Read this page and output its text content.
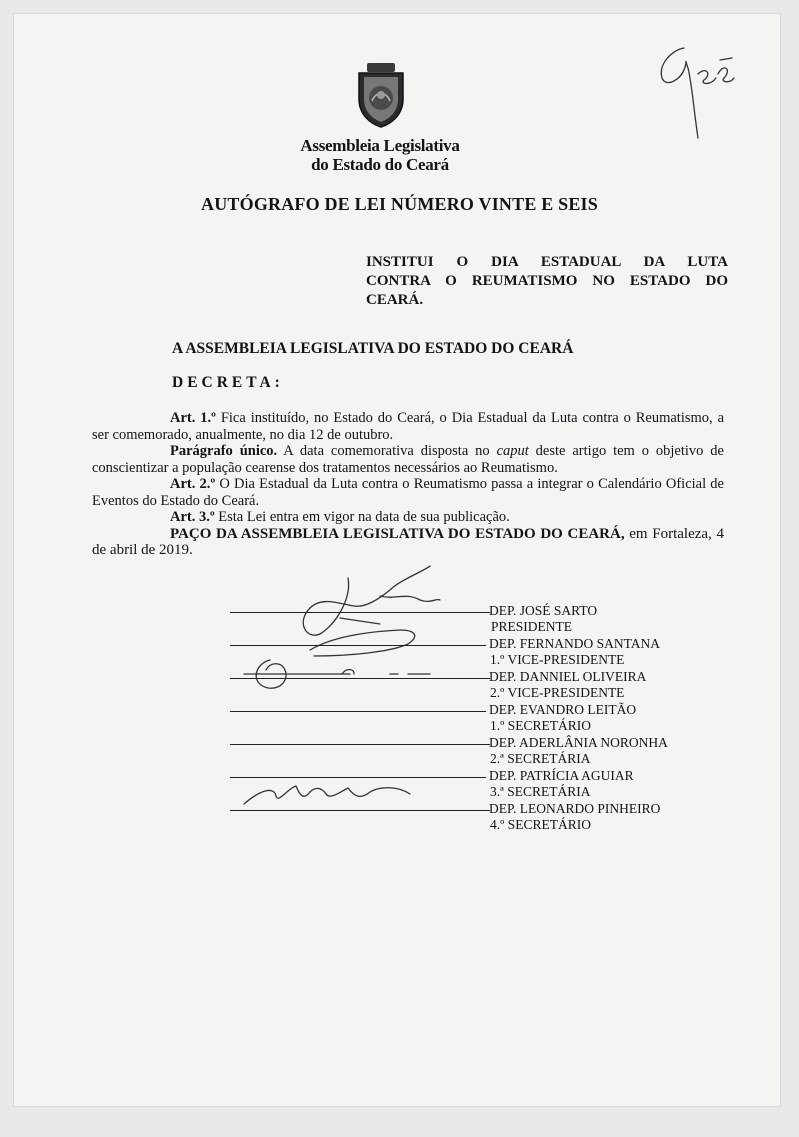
Assembleia Legislativa
do Estado do Ceará
AUTÓGRAFO DE LEI NÚMERO VINTE E SEIS
INSTITUI O DIA ESTADUAL DA LUTA CONTRA O REUMATISMO NO ESTADO DO CEARÁ.
A ASSEMBLEIA LEGISLATIVA DO ESTADO DO CEARÁ
DECRETA:

Art. 1.º Fica instituído, no Estado do Ceará, o Dia Estadual da Luta contra o Reumatismo, a ser comemorado, anualmente, no dia 12 de outubro.

Parágrafo único. A data comemorativa disposta no caput deste artigo tem o objetivo de conscientizar a população cearense dos tratamentos necessários ao Reumatismo.

Art. 2.º O Dia Estadual da Luta contra o Reumatismo passa a integrar o Calendário Oficial de Eventos do Estado do Ceará.

Art. 3.º Esta Lei entra em vigor na data de sua publicação.

PAÇO DA ASSEMBLEIA LEGISLATIVA DO ESTADO DO CEARÁ, em Fortaleza, 4 de abril de 2019.

DEP. JOSÉ SARTO
PRESIDENTE
DEP. FERNANDO SANTANA
1.º VICE-PRESIDENTE
DEP. DANNIEL OLIVEIRA
2.º VICE-PRESIDENTE
DEP. EVANDRO LEITÃO
1.º SECRETÁRIO
DEP. ADERLÂNIA NORONHA
2.ª SECRETÁRIA
DEP. PATRÍCIA AGUIAR
3.ª SECRETÁRIA
DEP. LEONARDO PINHEIRO
4.º SECRETÁRIO
